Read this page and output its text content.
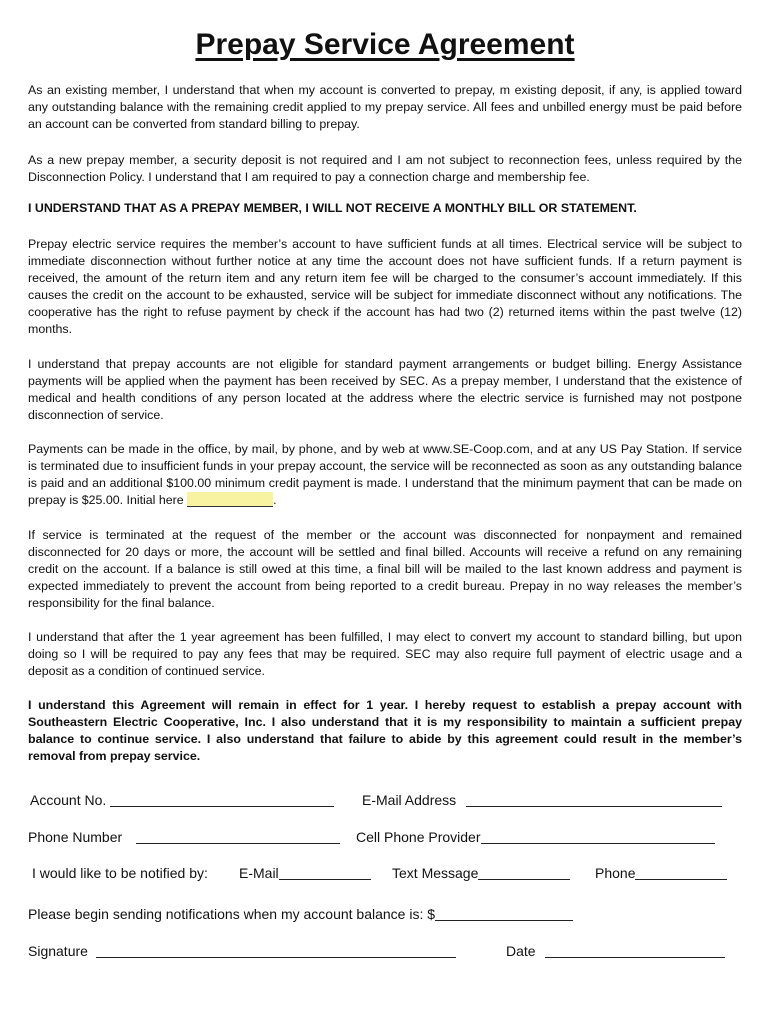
Prepay Service Agreement

As an existing member, I understand that when my account is converted to prepay, m existing deposit, if any, is applied toward any outstanding balance with the remaining credit applied to my prepay service. All fees and unbilled energy must be paid before an account can be converted from standard billing to prepay.

As a new prepay member, a security deposit is not required and I am not subject to reconnection fees, unless required by the Disconnection Policy. I understand that I am required to pay a connection charge and membership fee.

I UNDERSTAND THAT AS A PREPAY MEMBER, I WILL NOT RECEIVE A MONTHLY BILL OR STATEMENT.

Prepay electric service requires the member’s account to have sufficient funds at all times. Electrical service will be subject to immediate disconnection without further notice at any time the account does not have sufficient funds. If a return payment is received, the amount of the return item and any return item fee will be charged to the consumer’s account immediately. If this causes the credit on the account to be exhausted, service will be subject for immediate disconnect without any notifications. The cooperative has the right to refuse payment by check if the account has had two (2) returned items within the past twelve (12) months.

I understand that prepay accounts are not eligible for standard payment arrangements or budget billing. Energy Assistance payments will be applied when the payment has been received by SEC. As a prepay member, I understand that the existence of medical and health conditions of any person located at the address where the electric service is furnished may not postpone disconnection of service.

Payments can be made in the office, by mail, by phone, and by web at www.SE-Coop.com, and at any US Pay Station. If service is terminated due to insufficient funds in your prepay account, the service will be reconnected as soon as any outstanding balance is paid and an additional $100.00 minimum credit payment is made. I understand that the minimum payment that can be made on prepay is $25.00. Initial here	.

If service is terminated at the request of the member or the account was disconnected for nonpayment and remained disconnected for 20 days or more, the account will be settled and final billed. Accounts will receive a refund on any remaining credit on the account. If a balance is still owed at this time, a final bill will be mailed to the last known address and payment is expected immediately to prevent the account from being reported to a credit bureau. Prepay in no way releases the member’s responsibility for the final balance.

I understand that after the 1 year agreement has been fulfilled, I may elect to convert my account to standard billing, but upon doing so I will be required to pay any fees that may be required. SEC may also require full payment of electric usage and a deposit as a condition of continued service.

I understand this Agreement will remain in effect for 1 year. I hereby request to establish a prepay account with Southeastern Electric Cooperative, Inc. I also understand that it is my responsibility to maintain a sufficient prepay balance to continue service. I also understand that failure to abide by this agreement could result in the member’s removal from prepay service.

Account No.	E-Mail Address
Phone Number	Cell Phone Provider
I would like to be notified by: E-Mail	Text Message	Phone
Please begin sending notifications when my account balance is: $
Signature	Date
